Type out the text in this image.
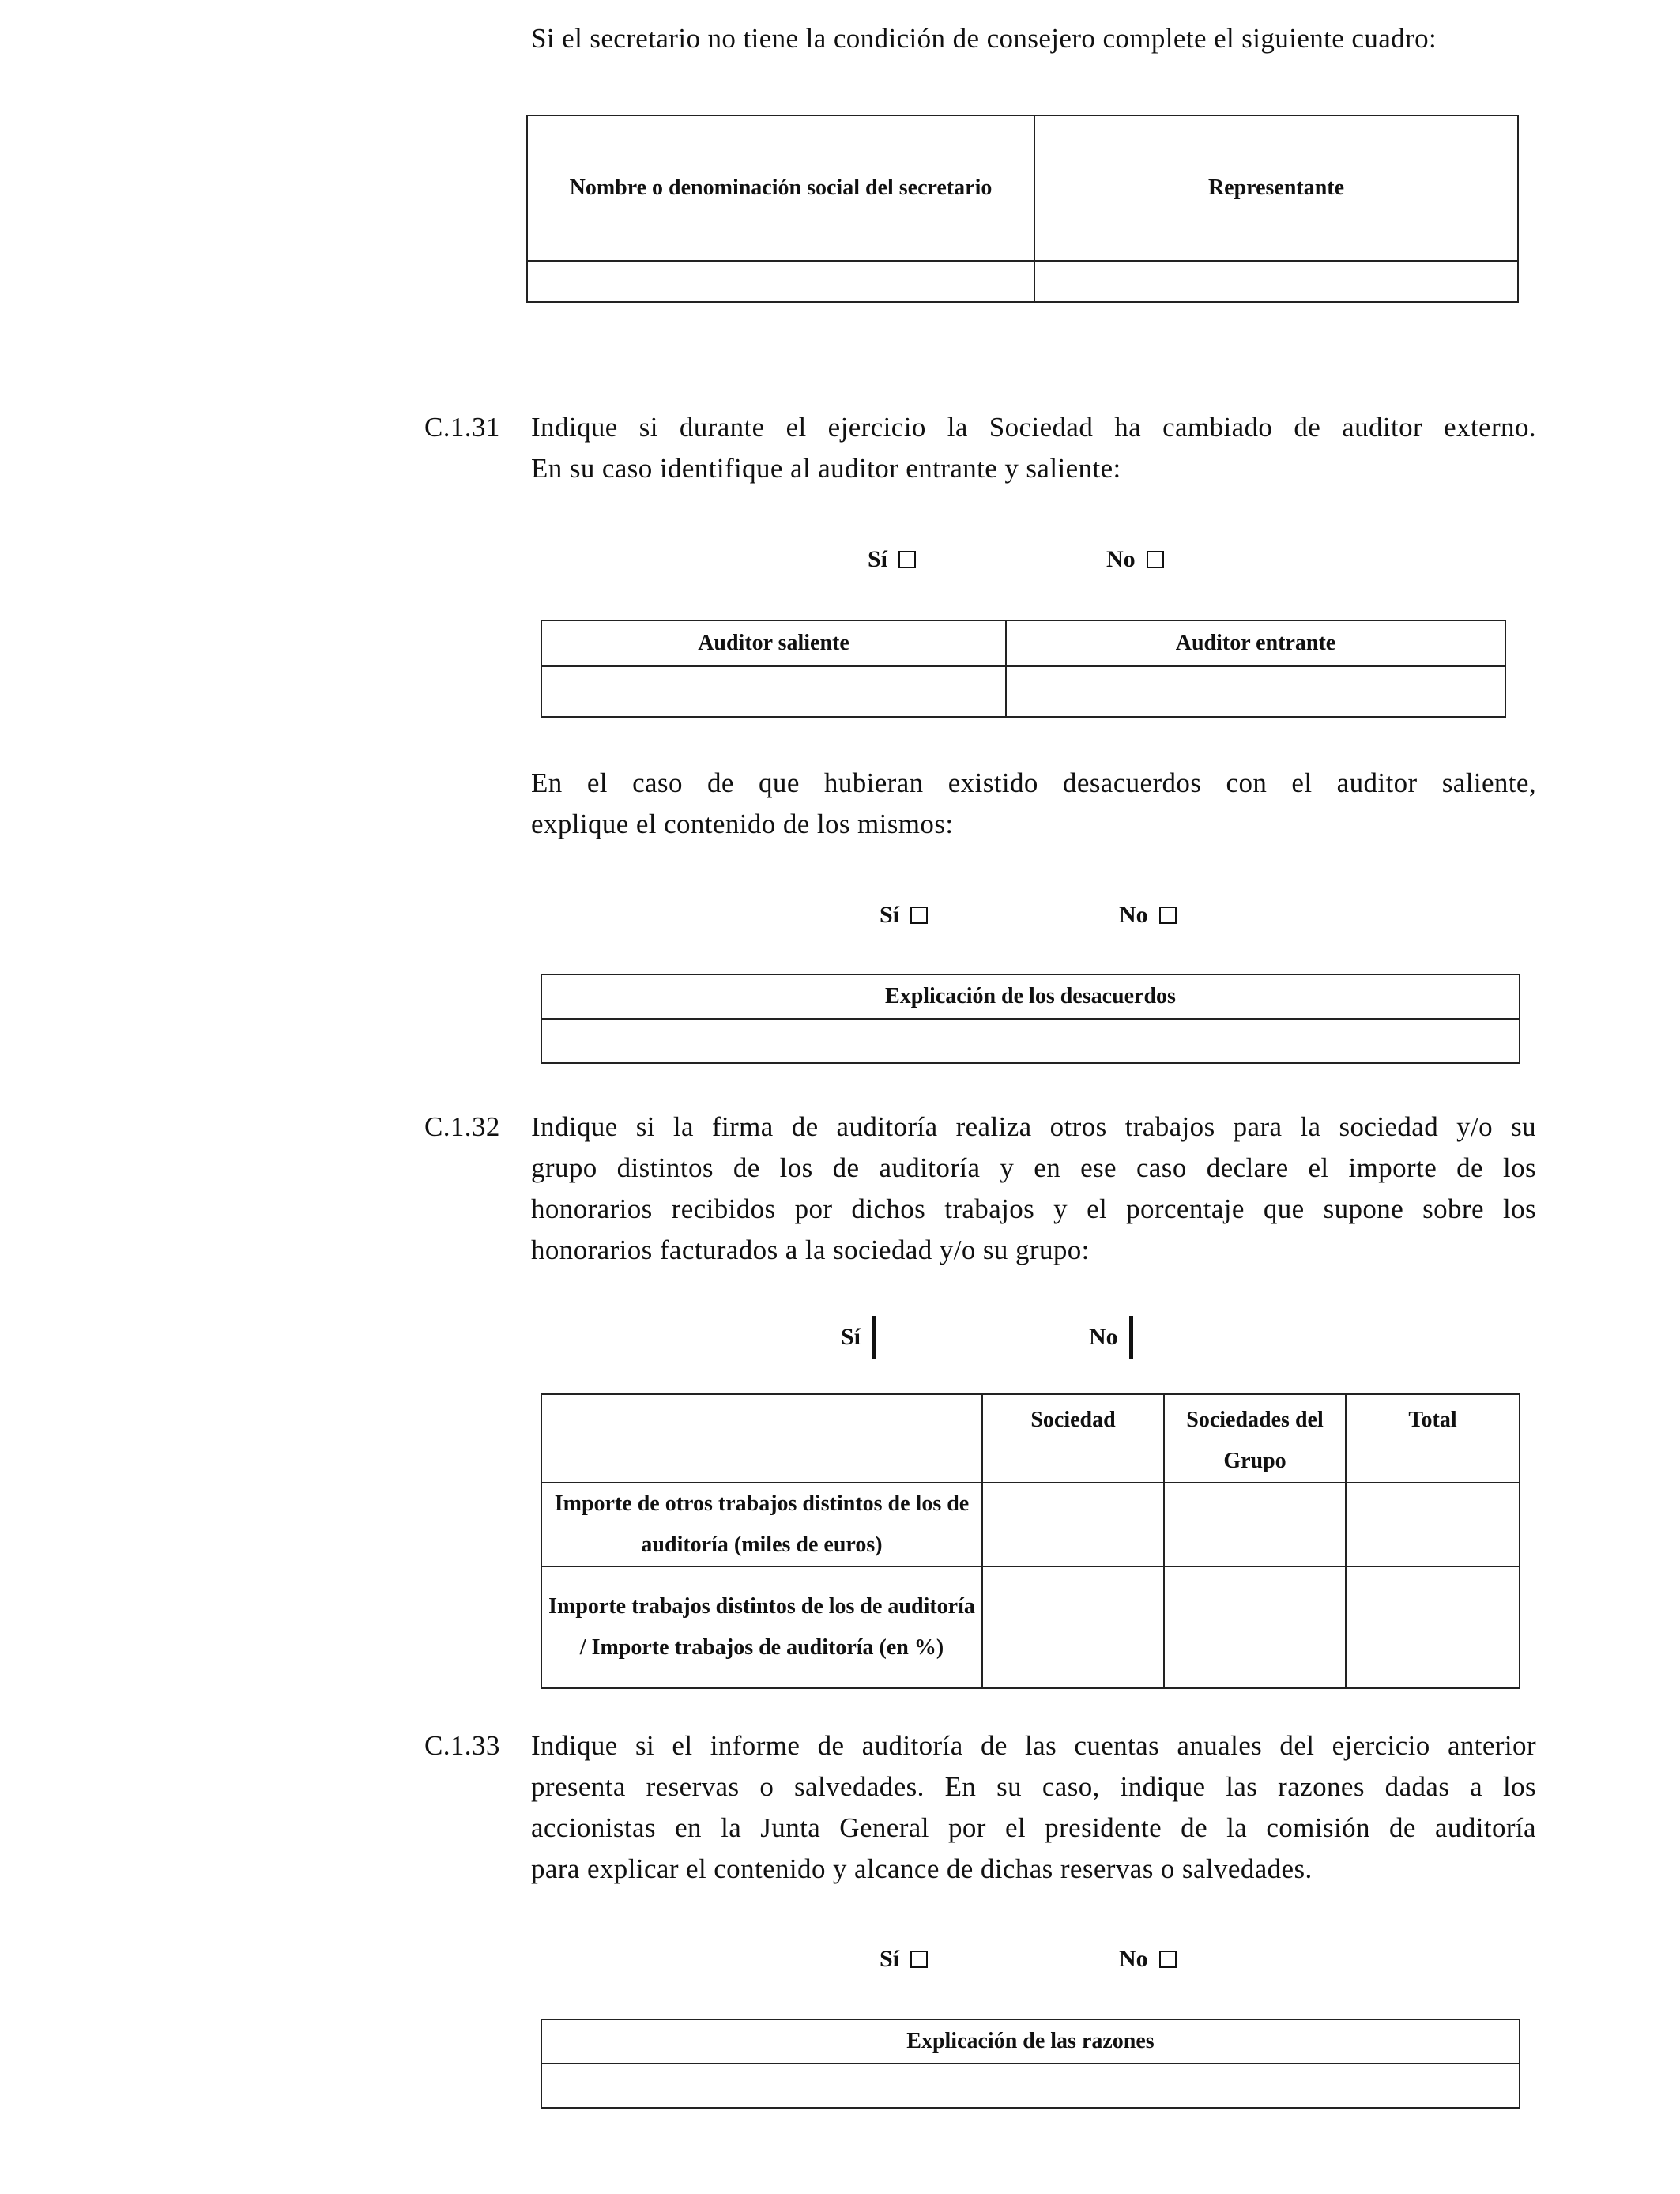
Si el secretario no tiene la condición de consejero complete el siguiente cuadro:

Nombre o denominación social del secretario	Representante

C.1.31 Indique si durante el ejercicio la Sociedad ha cambiado de auditor externo.
En su caso identifique al auditor entrante y saliente:

Sí	No
Auditor saliente	Auditor entrante

En el caso de que hubieran existido desacuerdos con el auditor saliente,
explique el contenido de los mismos:

Sí	No
Explicación de los desacuerdos

C.1.32 Indique si la firma de auditoría realiza otros trabajos para la sociedad y/o su
grupo distintos de los de auditoría y en ese caso declare el importe de los
honorarios recibidos por dichos trabajos y el porcentaje que supone sobre los
honorarios facturados a la sociedad y/o su grupo:

Sí	No
	Sociedad	Sociedades del Grupo	Total
Importe de otros trabajos distintos de los de auditoría (miles de euros)			
Importe trabajos distintos de los de auditoría / Importe trabajos de auditoría (en %)			
C.1.33 Indique si el informe de auditoría de las cuentas anuales del ejercicio anterior
presenta reservas o salvedades. En su caso, indique las razones dadas a los
accionistas en la Junta General por el presidente de la comisión de auditoría
para explicar el contenido y alcance de dichas reservas o salvedades.

Sí	No
Explicación de las razones
